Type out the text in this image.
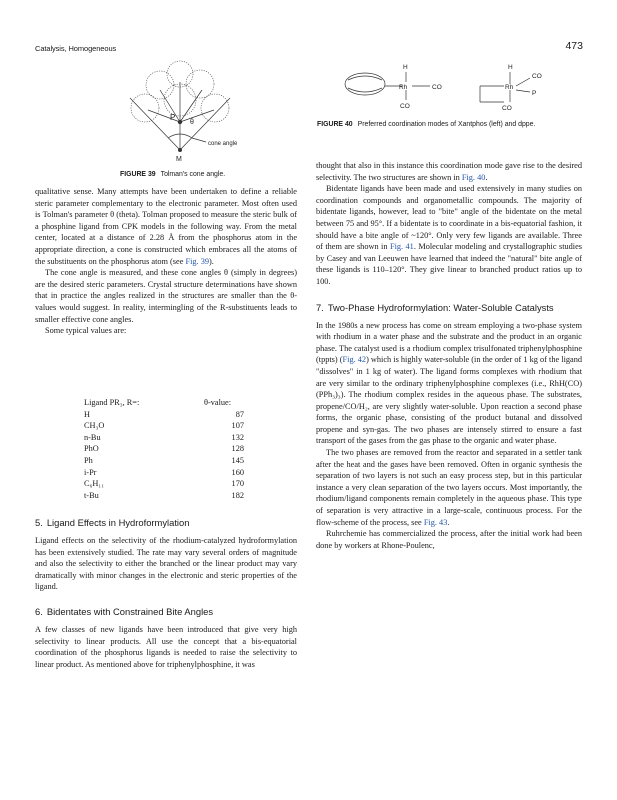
Catalysis, Homogeneous	473
P
M
θ
cone angle
FIGURE 39 Tolman's cone angle.
H
Rh	CO
CO
H
CO
Rh
P
CO
FIGURE 40 Preferred coordination modes of Xantphos (left) and dppe.

qualitative sense. Many attempts have been undertaken to define a reliable steric parameter complementary to the electronic parameter. Most often used is Tolman's parameter θ (theta). Tolman proposed to measure the steric bulk of a phosphine ligand from CPK models in the following way. From the metal center, located at a distance of 2.28 Å from the phosphorus atom in the appropriate direction, a cone is constructed which embraces all the atoms of the substituents on the phosphorus atom (see Fig. 39).

The cone angle is measured, and these cone angles θ (simply in degrees) are the desired steric parameters. Crystal structure determinations have shown that in practice the angles realized in the structures are smaller than the θ-values would suggest. In reality, intermingling of the R-substituents leads to smaller effective cone angles.

Some typical values are:

Ligand PR₃, R=:	θ-value:
H	87
CH₃O	107
n-Bu	132
PhO	128
Ph	145
i-Pr	160
C₆H₁₁	170
t-Bu	182

5. Ligand Effects in Hydroformylation

Ligand effects on the selectivity of the rhodium-catalyzed hydroformylation has been extensively studied. The rate may vary several orders of magnitude and also the selectivity to either the branched or the linear product may vary dramatically with minor changes in the electronic and steric properties of the ligand.

6. Bidentates with Constrained Bite Angles

A few classes of new ligands have been introduced that give very high selectivity to linear products. All use the concept that a bis-equatorial coordination of the phosphorus ligands is needed to raise the selectivity to linear product. As mentioned above for triphenylphosphine, it was

thought that also in this instance this coordination mode gave rise to the desired selectivity. The two structures are shown in Fig. 40.

Bidentate ligands have been made and used extensively in many studies on coordination compounds and organometallic compounds. The majority of bidentate ligands, however, lead to "bite" angle of the bidentate on the metal between 75 and 95°. If a bidentate is to coordinate in a bis-equatorial fashion, it should have a bite angle of ~120°. Only very few ligands are available. Three of them are shown in Fig. 41. Molecular modeling and crystallographic studies by Casey and van Leeuwen have learned that indeed the "natural" bite angle of these ligands is 110–120°. They give linear to branched product ratios up to 100.

7. Two-Phase Hydroformylation: Water-Soluble Catalysts

In the 1980s a new process has come on stream employing a two-phase system with rhodium in a water phase and the substrate and the product in an organic phase. The catalyst used is a rhodium complex trisulfonated triphenylphosphine (tppts) (Fig. 42) which is highly water-soluble (in the order of 1 kg of the ligand "dissolves" in 1 kg of water). The ligand forms complexes with rhodium that are very similar to the ordinary triphenylphosphine complexes (i.e., RhH(CO)(PPh₃)₃). The rhodium complex resides in the aqueous phase. The substrates, propene/CO/H₂, are very slightly water-soluble. Upon reaction a second phase forms, the organic phase, consisting of the product butanal and dissolved propene and syn-gas. The two phases are intensely stirred to ensure a fast transport of the gases from the gas phase to the organic and water phase.

The two phases are removed from the reactor and separated in a settler tank after the heat and the gases have been removed. Often in organic synthesis the separation of two layers is not such an easy process step, but in this particular instance a very clean separation of the two layers occurs. Most importantly, the rhodium/ligand components remain completely in the aqueous phase. This type of separation is very attractive in a large-scale, continuous process. For the flow-scheme of the process, see Fig. 43.

Ruhrchemie has commercialized the process, after the initial work had been done by workers at Rhone-Poulenc,
